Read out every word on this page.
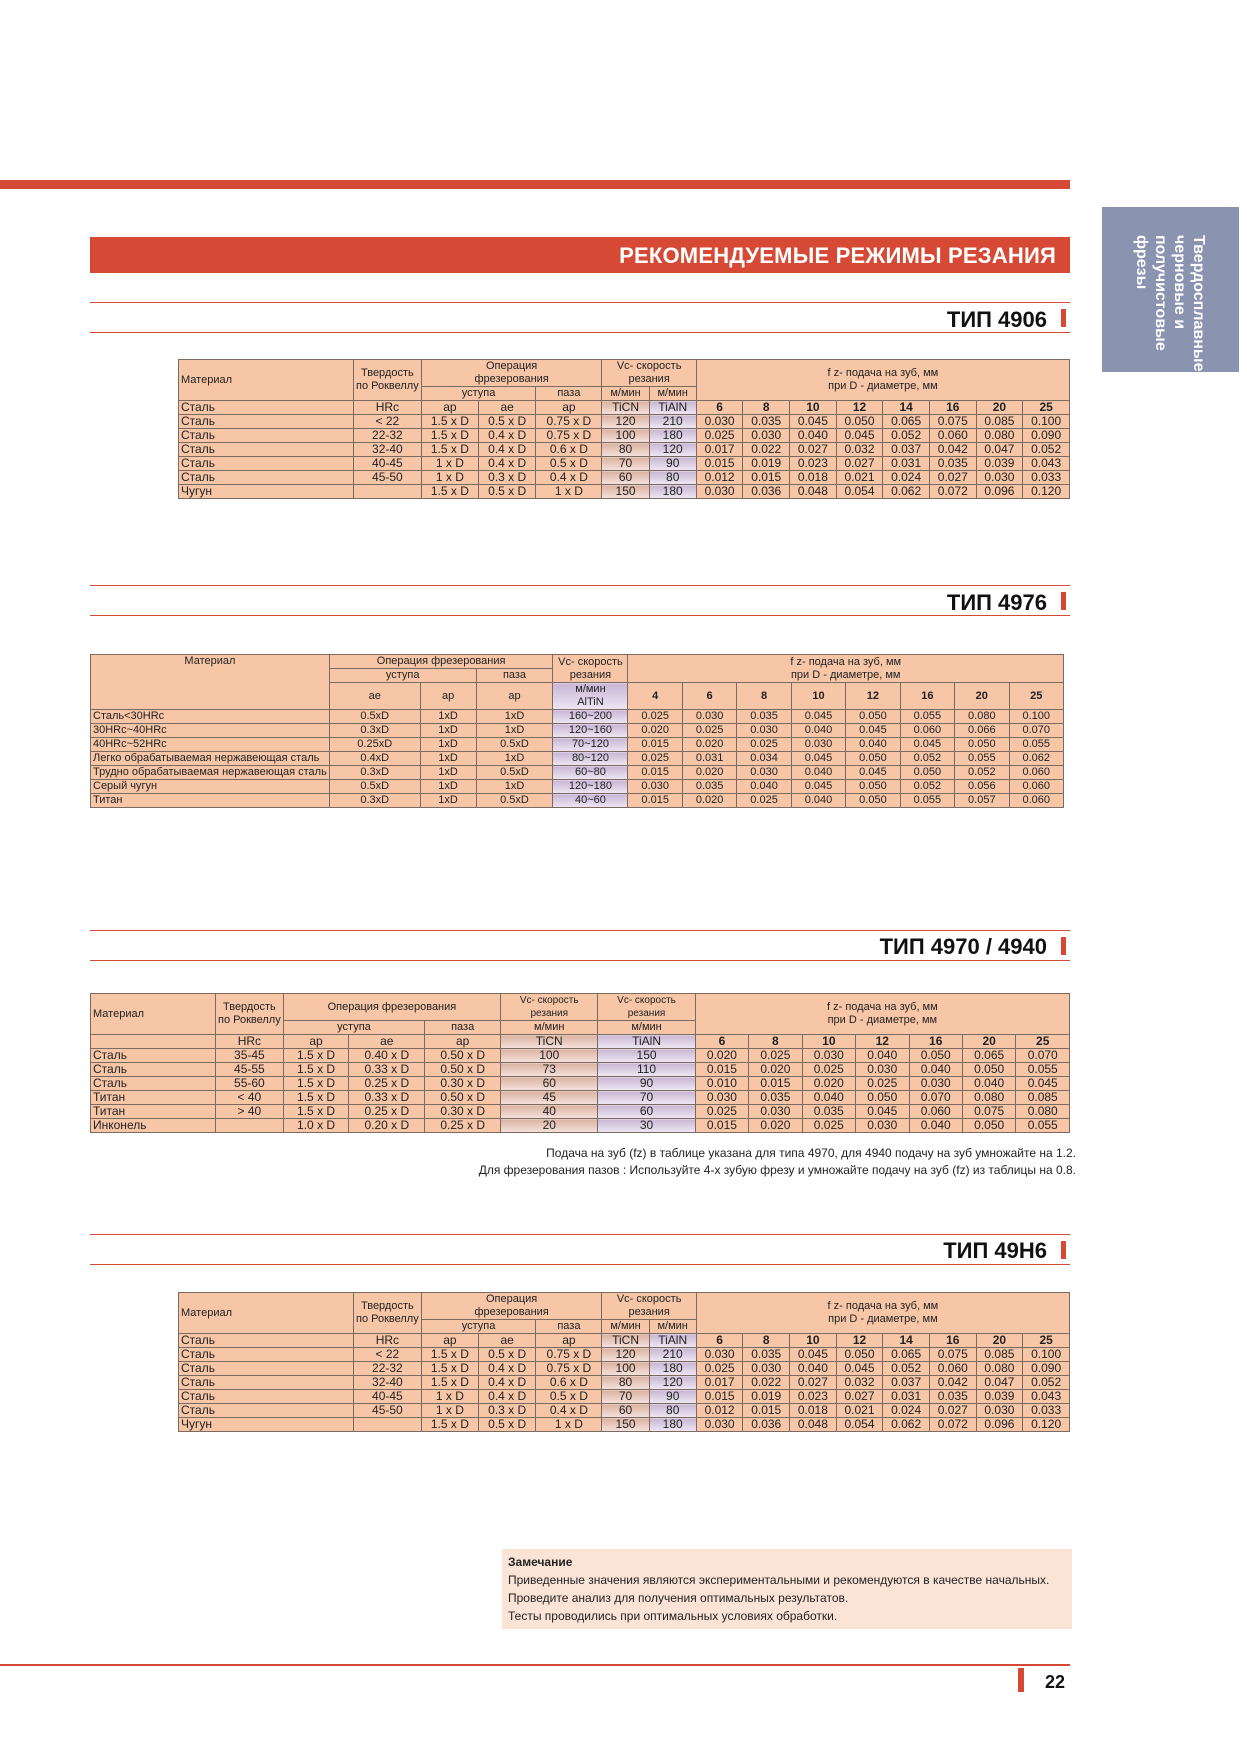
Твердосплавные
черновые и
получистовые
фрезы
РЕКОМЕНДУЕМЫЕ РЕЖИМЫ РЕЗАНИЯ
ТИП 4906
Материал	Твердость
по Роквеллу	Операция
фрезерования			Vc- скорость
резания		f z- подача на зуб, мм
при D - диаметре, мм							
		уступа		паза	м/мин	м/мин								
Сталь	HRc	ap	ae	ap	TiCN	TiAlN	6	8	10	12	14	16	20	25
Сталь	< 22	1.5 x D	0.5 x D	0.75 x D	120	210	0.030	0.035	0.045	0.050	0.065	0.075	0.085	0.100
Сталь	22-32	1.5 x D	0.4 x D	0.75 x D	100	180	0.025	0.030	0.040	0.045	0.052	0.060	0.080	0.090
Сталь	32-40	1.5 x D	0.4 x D	0.6 x D	80	120	0.017	0.022	0.027	0.032	0.037	0.042	0.047	0.052
Сталь	40-45	1 x D	0.4 x D	0.5 x D	70	90	0.015	0.019	0.023	0.027	0.031	0.035	0.039	0.043
Сталь	45-50	1 x D	0.3 x D	0.4 x D	60	80	0.012	0.015	0.018	0.021	0.024	0.027	0.030	0.033
Чугун		1.5 x D	0.5 x D	1 x D	150	180	0.030	0.036	0.048	0.054	0.062	0.072	0.096	0.120
ТИП 4976
Материал	Операция фрезерования			Vc- скорость
резания	f z- подача на зуб, мм
при D - диаметре, мм							
	уступа		паза									
	ae	ap	ap	м/мин
AlTiN	4	6	8	10	12	16	20	25
Сталь<30HRc	0.5xD	1xD	1xD	160~200	0.025	0.030	0.035	0.045	0.050	0.055	0.080	0.100
30HRc~40HRc	0.3xD	1xD	1xD	120~160	0.020	0.025	0.030	0.040	0.045	0.060	0.066	0.070
40HRc~52HRc	0.25xD	1xD	0.5xD	70~120	0.015	0.020	0.025	0.030	0.040	0.045	0.050	0.055
Легко обрабатываемая нержавеющая сталь	0.4xD	1xD	1xD	80~120	0.025	0.031	0.034	0.045	0.050	0.052	0.055	0.062
Трудно обрабатываемая нержавеющая сталь	0.3xD	1xD	0.5xD	60~80	0.015	0.020	0.030	0.040	0.045	0.050	0.052	0.060
Серый чугун	0.5xD	1xD	1xD	120~180	0.030	0.035	0.040	0.045	0.050	0.052	0.056	0.060
Титан	0.3xD	1xD	0.5xD	40~60	0.015	0.020	0.025	0.040	0.050	0.055	0.057	0.060
ТИП 4970 / 4940
Материал	Твердость
по Роквеллу	Операция фрезерования			Vc- скорость
резания	Vc- скорость
резания	f z- подача на зуб, мм
при D - диаметре, мм						
		уступа		паза	м/мин	м/мин							
	HRc	ap	ae	ap	TiCN	TiAlN	6	8	10	12	16	20	25
Сталь	35-45	1.5 x D	0.40 x D	0.50 x D	100	150	0.020	0.025	0.030	0.040	0.050	0.065	0.070
Сталь	45-55	1.5 x D	0.33 x D	0.50 x D	73	110	0.015	0.020	0.025	0.030	0.040	0.050	0.055
Сталь	55-60	1.5 x D	0.25 x D	0.30 x D	60	90	0.010	0.015	0.020	0.025	0.030	0.040	0.045
Титан	< 40	1.5 x D	0.33 x D	0.50 x D	45	70	0.030	0.035	0.040	0.050	0.070	0.080	0.085
Титан	> 40	1.5 x D	0.25 x D	0.30 x D	40	60	0.025	0.030	0.035	0.045	0.060	0.075	0.080
Инконель		1.0 x D	0.20 x D	0.25 x D	20	30	0.015	0.020	0.025	0.030	0.040	0.050	0.055
Подача на зуб (fz) в таблице указана для типа 4970, для 4940 подачу на зуб умножайте на 1.2.
Для фрезерования пазов : Используйте 4-х зубую фрезу и умножайте подачу на зуб (fz) из таблицы на 0.8.
ТИП 49Н6
Материал	Твердость
по Роквеллу	Операция
фрезерования			Vc- скорость
резания		f z- подача на зуб, мм
при D - диаметре, мм							
		уступа		паза	м/мин	м/мин								
Сталь	HRc	ap	ae	ap	TiCN	TiAlN	6	8	10	12	14	16	20	25
Сталь	< 22	1.5 x D	0.5 x D	0.75 x D	120	210	0.030	0.035	0.045	0.050	0.065	0.075	0.085	0.100
Сталь	22-32	1.5 x D	0.4 x D	0.75 x D	100	180	0.025	0.030	0.040	0.045	0.052	0.060	0.080	0.090
Сталь	32-40	1.5 x D	0.4 x D	0.6 x D	80	120	0.017	0.022	0.027	0.032	0.037	0.042	0.047	0.052
Сталь	40-45	1 x D	0.4 x D	0.5 x D	70	90	0.015	0.019	0.023	0.027	0.031	0.035	0.039	0.043
Сталь	45-50	1 x D	0.3 x D	0.4 x D	60	80	0.012	0.015	0.018	0.021	0.024	0.027	0.030	0.033
Чугун		1.5 x D	0.5 x D	1 x D	150	180	0.030	0.036	0.048	0.054	0.062	0.072	0.096	0.120
Замечание
Приведенные значения являются экспериментальными и рекомендуются в качестве начальных.
Проведите анализ для получения оптимальных результатов.
Тесты проводились при оптимальных условиях обработки.
22
